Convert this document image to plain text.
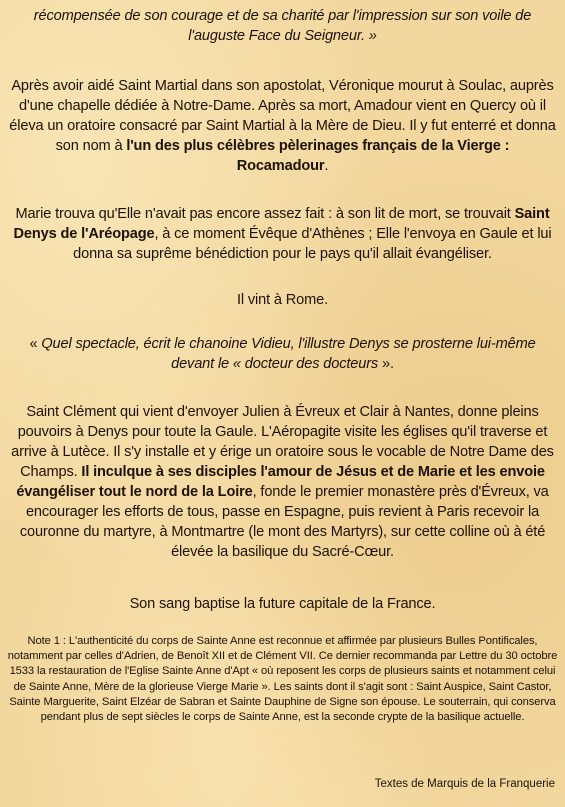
récompensée de son courage et de sa charité par l'impression sur son voile de l'auguste Face du Seigneur. »

Après avoir aidé Saint Martial dans son apostolat, Véronique mourut à Soulac, auprès d'une chapelle dédiée à Notre-Dame. Après sa mort, Amadour vient en Quercy où il éleva un oratoire consacré par Saint Martial à la Mère de Dieu. Il y fut enterré et donna son nom à l'un des plus célèbres pèlerinages français de la Vierge : Rocamadour.

Marie trouva qu'Elle n'avait pas encore assez fait : à son lit de mort, se trouvait Saint Denys de l'Aréopage, à ce moment Évêque d'Athènes ; Elle l'envoya en Gaule et lui donna sa suprême bénédiction pour le pays qu'il allait évangéliser.

Il vint à Rome.

« Quel spectacle, écrit le chanoine Vidieu, l'illustre Denys se prosterne lui-même devant le « docteur des docteurs ».

Saint Clément qui vient d'envoyer Julien à Évreux et Clair à Nantes, donne pleins pouvoirs à Denys pour toute la Gaule. L'Aéropagite visite les églises qu'il traverse et arrive à Lutèce. Il s'y installe et y érige un oratoire sous le vocable de Notre Dame des Champs. Il inculque à ses disciples l'amour de Jésus et de Marie et les envoie évangéliser tout le nord de la Loire, fonde le premier monastère près d'Évreux, va encourager les efforts de tous, passe en Espagne, puis revient à Paris recevoir la couronne du martyre, à Montmartre (le mont des Martyrs), sur cette colline où à été élevée la basilique du Sacré-Cœur.

Son sang baptise la future capitale de la France.

Note 1 : L'authenticité du corps de Sainte Anne est reconnue et affirmée par plusieurs Bulles Pontificales, notamment par celles d'Adrien, de Benoît XII et de Clément VII. Ce dernier recommanda par Lettre du 30 octobre 1533 la restauration de l'Eglise Sainte Anne d'Apt « où reposent les corps de plusieurs saints et notamment celui de Sainte Anne, Mère de la glorieuse Vierge Marie ». Les saints dont il s'agit sont : Saint Auspice, Saint Castor, Sainte Marguerite, Saint Elzéar de Sabran et Sainte Dauphine de Signe son épouse. Le souterrain, qui conserva pendant plus de sept siècles le corps de Sainte Anne, est la seconde crypte de la basilique actuelle.

Textes de Marquis de la Franquerie
